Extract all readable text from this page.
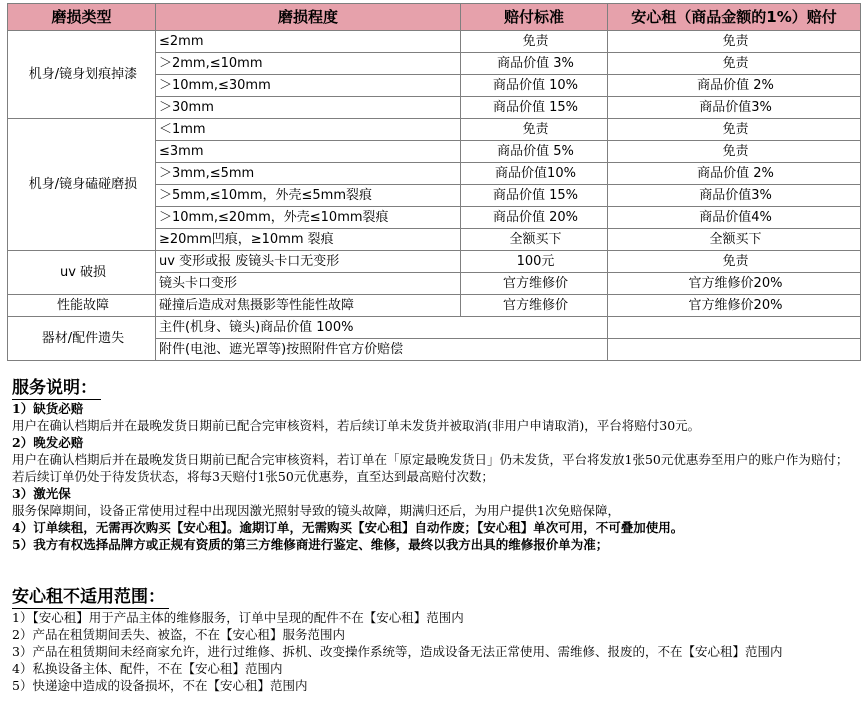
磨损类型	磨损程度	赔付标准	安心租（商品金额的1%）赔付
机身/镜身划痕掉漆	≤2mm	免责	免责
	＞2mm,≤10mm	商品价值 3%	免责
	＞10mm,≤30mm	商品价值 10%	商品价值 2%
	＞30mm	商品价值 15%	商品价值3%
机身/镜身磕碰磨损	＜1mm	免责	免责
	≤3mm	商品价值 5%	免责
	＞3mm,≤5mm	商品价值10%	商品价值 2%
	＞5mm,≤10mm，外壳≤5mm裂痕	商品价值 15%	商品价值3%
	＞10mm,≤20mm，外壳≤10mm裂痕	商品价值 20%	商品价值4%
	≥20mm凹痕，≥10mm 裂痕	全额买下	全额买下
uv 破损	uv 变形或报 废镜头卡口无变形	100元	免责
	镜头卡口变形	官方维修价	官方维修价20%
性能故障	碰撞后造成对焦摄影等性能性故障	官方维修价	官方维修价20%
器材/配件遗失	主件(机身、镜头)商品价值 100%		
	附件(电池、遮光罩等)按照附件官方价赔偿		
服务说明：
1）缺货必赔
用户在确认档期后并在最晚发货日期前已配合完审核资料，若后续订单未发货并被取消(非用户申请取消)，平台将赔付30元。
2）晚发必赔
用户在确认档期后并在最晚发货日期前已配合完审核资料，若订单在「原定最晚发货日」仍未发货，平台将发放1张50元优惠券至用户的账户作为赔付；若后续订单仍处于待发货状态，将每3天赔付1张50元优惠券，直至达到最高赔付次数；
3）激光保
服务保障期间，设备正常使用过程中出现因激光照射导致的镜头故障，期满归还后，为用户提供1次免赔保障，
4）订单续租，无需再次购买【安心租】。逾期订单，无需购买【安心租】自动作废；【安心租】单次可用，不可叠加使用。
5）我方有权选择品牌方或正规有资质的第三方维修商进行鉴定、维修，最终以我方出具的维修报价单为准；
安心租不适用范围：
1）【安心租】用于产品主体的维修服务，订单中呈现的配件不在【安心租】范围内
2）产品在租赁期间丢失、被盗，不在【安心租】服务范围内
3）产品在租赁期间未经商家允许，进行过维修、拆机、改变操作系统等，造成设备无法正常使用、需维修、报废的，不在【安心租】范围内
4）私换设备主体、配件，不在【安心租】范围内
5）快递途中造成的设备损坏，不在【安心租】范围内
